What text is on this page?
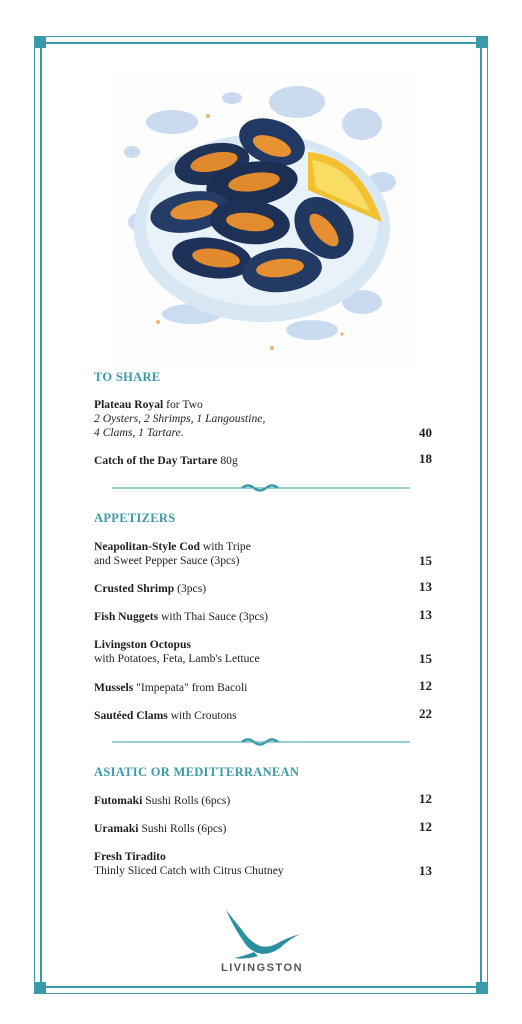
TO SHARE
Plateau Royal for Two
2 Oysters, 2 Shrimps, 1 Langoustine,
4 Clams, 1 Tartare.	40
Catch of the Day Tartare 80g	18
APPETIZERS
Neapolitan-Style Cod with Tripe
and Sweet Pepper Sauce (3pcs)	15
Crusted Shrimp (3pcs)	13
Fish Nuggets with Thai Sauce (3pcs)	13
Livingston Octopus
with Potatoes, Feta, Lamb's Lettuce	15
Mussels "Impepata" from Bacoli	12
Sautéed Clams with Croutons	22
ASIATIC OR MEDITTERRANEAN
Futomaki Sushi Rolls (6pcs)	12
Uramaki Sushi Rolls (6pcs)	12
Fresh Tiradito
Thinly Sliced Catch with Citrus Chutney	13
LIVINGSTON
